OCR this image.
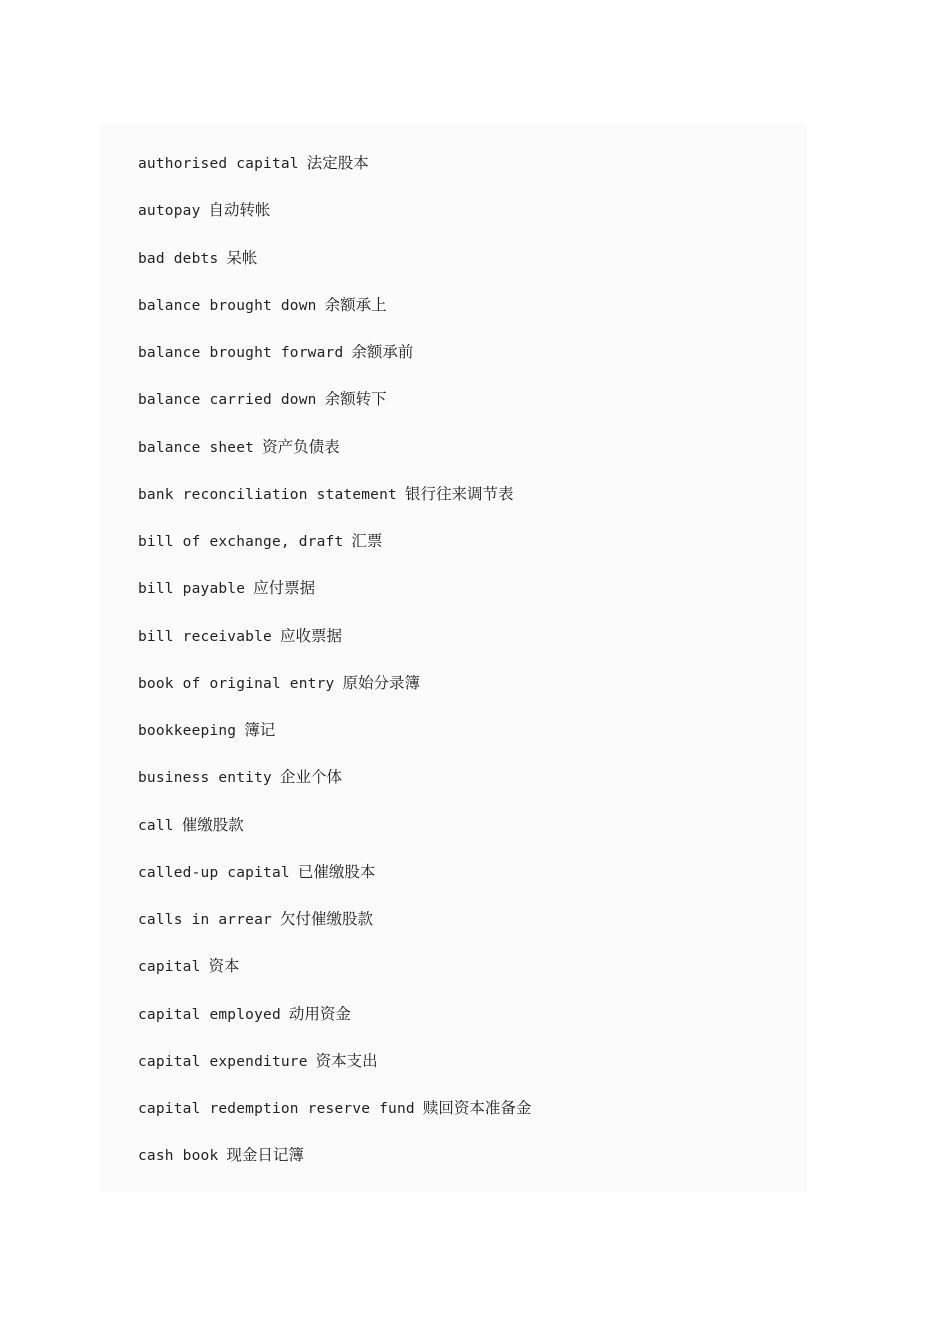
authorised capital 法定股本
autopay 自动转帐
bad debts 呆帐
balance brought down 余额承上
balance brought forward 余额承前
balance carried down 余额转下
balance sheet 资产负债表
bank reconciliation statement 银行往来调节表
bill of exchange, draft 汇票
bill payable 应付票据
bill receivable 应收票据
book of original entry 原始分录簿
bookkeeping 簿记
business entity 企业个体
call 催缴股款
called-up capital 已催缴股本
calls in arrear 欠付催缴股款
capital 资本
capital employed 动用资金
capital expenditure 资本支出
capital redemption reserve fund 赎回资本准备金
cash book 现金日记簿
